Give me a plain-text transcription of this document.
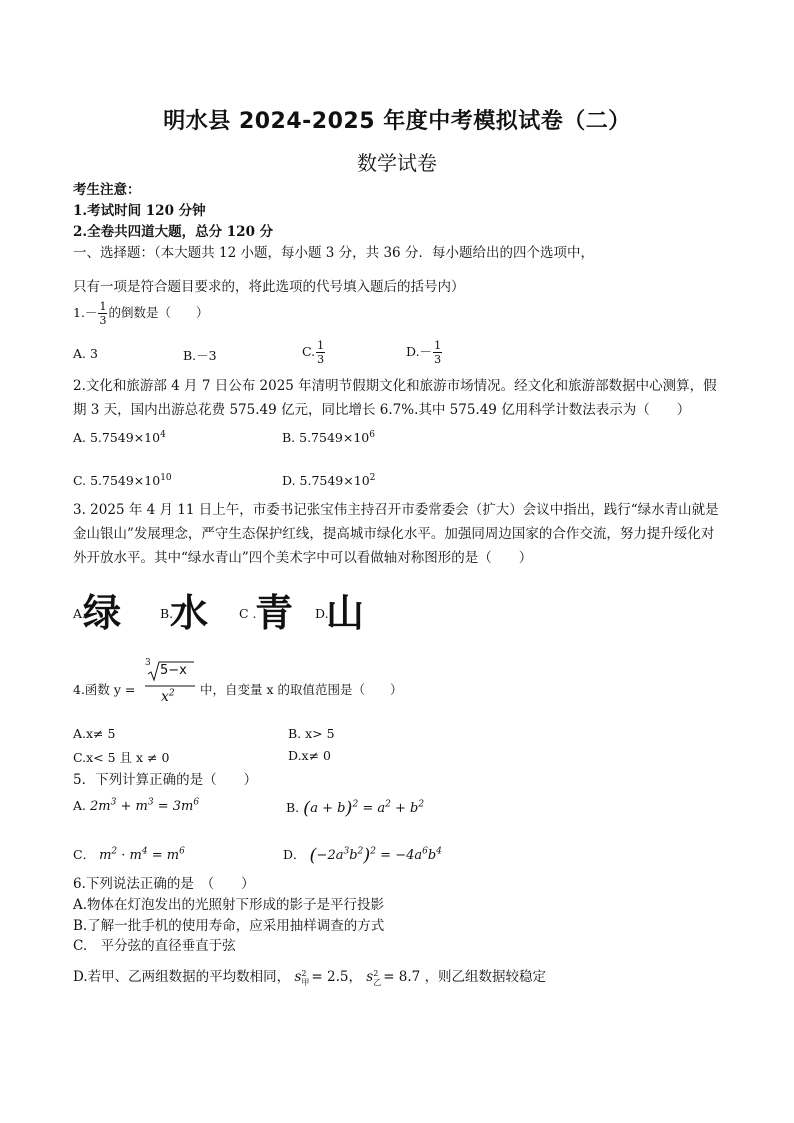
明水县 2024-2025 年度中考模拟试卷（二）
数学试卷
考生注意：
1.考试时间 120 分钟
2.全卷共四道大题，总分 120 分
一、选择题：（本大题共 12 小题，每小题 3 分，共 36 分．每小题给出的四个选项中，
只有一项是符合题目要求的，将此选项的代号填入题后的括号内）
$1.- \frac{1}{3}$ 的倒数是（　　）
A. 3	B.－3	C. $\frac{1}{3}$	$D.- \frac{1}{3}$
2.文化和旅游部 4 月 7 日公布 2025 年清明节假期文化和旅游市场情况。经文化和旅游部数据中心测算，假期 3 天，国内出游总花费 575.49 亿元，同比增长 6.7%.其中 575.49 亿用科学计数法表示为（　　）
A. $5.7549\times 10^4$	B. $5.7549\times 10^6$
C. $5.7549\times 10^{10}$	D. $5.7549\times 10^2$
3. 2025 年 4 月 11 日上午，市委书记张宝伟主持召开市委常委会（扩大）会议中指出，践行“绿水青山就是金山银山”发展理念，严守生态保护红线，提高城市绿化水平。加强同周边国家的合作交流，努力提升绥化对外开放水平。其中“绿水青山”四个美术字中可以看做轴对称图形的是（　　）
A.
绿	B.
水 C .
青 D.
山
4.函数 y =
3 5−x
$x^2$ 中，自变量 x 的取值范围是（　　）
A.x≠ 5	B. x> 5
C.x< 5 且 x ≠ 0	D.x≠ 0
5．下列计算正确的是（　　）
A. $2m^3 + m^3 = 3m^6$	B. $(a + b)^2 = a^2 + b^2$
C． $m^2 \cdot m^4 = m^6$	D． $(-2a^3b^2)^2 = -4a^6b^4$
6.下列说法正确的是　（　　）
A.物体在灯泡发出的光照射下形成的影子是平行投影
B.了解一批手机的使用寿命，应采用抽样调查的方式
C.　平分弦的直径垂直于弦
D.若甲、乙两组数据的平均数相同， s 2
甲 = 2.5， s 2
乙 = 8.7 ，则乙组数据较稳定
